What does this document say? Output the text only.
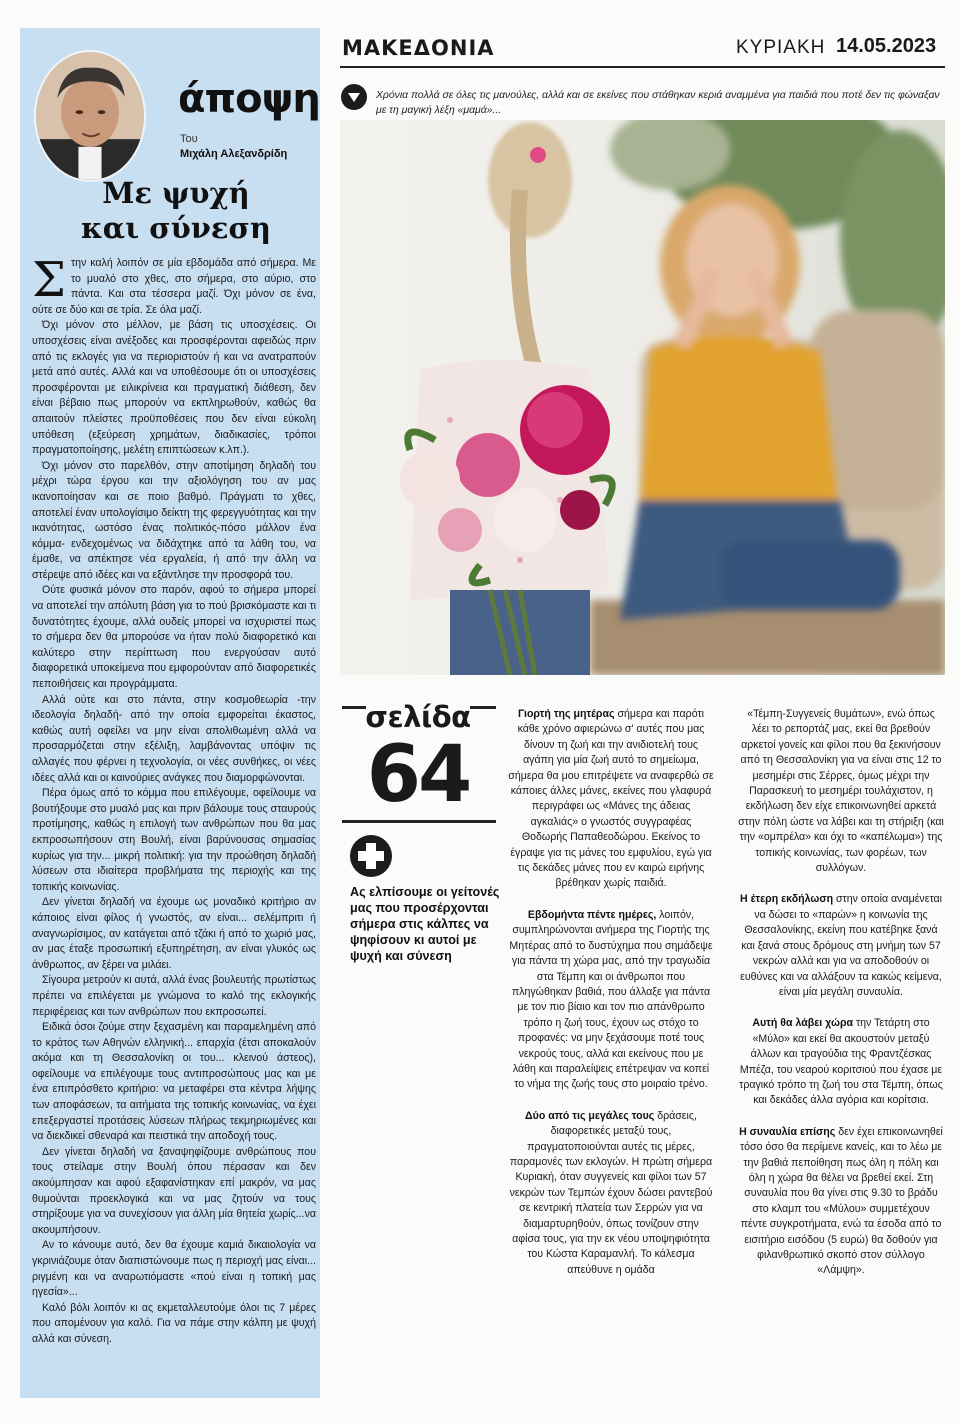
άποψη
Του
Μιχάλη Αλεξανδρίδη
Με ψυχή
και σύνεση

Στην καλή λοιπόν σε μία εβδομάδα από σήμερα. Με το μυαλό στο χθες, στο σήμερα, στο αύριο, στο πάντα. Και στα τέσσερα μαζί. Όχι μόνον σε ένα, ούτε σε δύο και σε τρία. Σε όλα μαζί.

Όχι μόνον στο μέλλον, με βάση τις υποσχέσεις. Οι υποσχέσεις είναι ανέξοδες και προσφέρονται αφειδώς πριν από τις εκλογές για να περιοριστούν ή και να ανατραπούν μετά από αυτές. Αλλά και να υποθέσουμε ότι οι υποσχέσεις προσφέρονται με ειλικρίνεια και πραγματική διάθεση, δεν είναι βέβαιο πως μπορούν να εκπληρωθούν, καθώς θα απαιτούν πλείστες προϋποθέσεις που δεν είναι εύκολη υπόθεση (εξεύρεση χρημάτων, διαδικασίες, τρόποι πραγματοποίησης, μελέτη επιπτώσεων κ.λπ.).

Όχι μόνον στο παρελθόν, στην αποτίμηση δηλαδή του μέχρι τώρα έργου και την αξιολόγηση του αν μας ικανοποίησαν και σε ποιο βαθμό. Πράγματι το χθες, αποτελεί έναν υπολογίσιμο δείκτη της φερεγγυότητας και την ικανότητας, ωστόσο ένας πολιτικός-πόσο μάλλον ένα κόμμα- ενδεχομένως να διδάχτηκε από τα λάθη του, να έμαθε, να απέκτησε νέα εργαλεία, ή από την άλλη να στέρεψε από ιδέες και να εξάντλησε την προσφορά του.

Ούτε φυσικά μόνον στο παρόν, αφού το σήμερα μπορεί να αποτελεί την απόλυτη βάση για το πού βρισκόμαστε και τι δυνατότητες έχουμε, αλλά ουδείς μπορεί να ισχυριστεί πως το σήμερα δεν θα μπορούσε να ήταν πολύ διαφορετικό και καλύτερο στην περίπτωση που ενεργούσαν αυτό διαφορετικά υποκείμενα που εμφορούνταν από διαφορετικές πεποιθήσεις και προγράμματα.

Αλλά ούτε και στο πάντα, στην κοσμοθεωρία -την ιδεολογία δηλαδή- από την οποία εμφορείται έκαστος, καθώς αυτή οφείλει να μην είναι απολιθωμένη αλλά να προσαρμόζεται στην εξέλιξη, λαμβάνοντας υπόψιν τις αλλαγές που φέρνει η τεχνολογία, οι νέες συνθήκες, οι νέες ιδέες αλλά και οι καινούριες ανάγκες που διαμορφώνονται.

Πέρα όμως από το κόμμα που επιλέγουμε, οφείλουμε να βουτήξουμε στο μυαλό μας και πριν βάλουμε τους σταυρούς προτίμησης, καθώς η επιλογή των ανθρώπων που θα μας εκπροσωπήσουν στη Βουλή, είναι βαρύνουσας σημασίας κυρίως για την... μικρή πολιτική: για την προώθηση δηλαδή λύσεων στα ιδιαίτερα προβλήματα της περιοχής και της τοπικής κοινωνίας.

Δεν γίνεται δηλαδή να έχουμε ως μοναδικό κριτήριο αν κάποιος είναι φίλος ή γνωστός, αν είναι... σελέμπριτι ή αναγνωρίσιμος, αν κατάγεται από τζάκι ή από το χωριό μας, αν μας έταξε προσωπική εξυπηρέτηση, αν είναι γλυκός ως άνθρωπος, αν ξέρει να μιλάει.

Σίγουρα μετρούν κι αυτά, αλλά ένας βουλευτής πρωτίστως πρέπει να επιλέγεται με γνώμονα το καλό της εκλογικής περιφέρειας και των ανθρώπων που εκπροσωπεί.

Ειδικά όσοι ζούμε στην ξεχασμένη και παραμελημένη από το κράτος των Αθηνών ελληνική... επαρχία (έτσι αποκαλούν ακόμα και τη Θεσσαλονίκη οι του... κλεινού άστεος), οφείλουμε να επιλέγουμε τους αντιπροσώπους μας και με ένα επιπρόσθετο κριτήριο: να μεταφέρει στα κέντρα λήψης των αποφάσεων, τα αιτήματα της τοπικής κοινωνίας, να έχει επεξεργαστεί προτάσεις λύσεων πλήρως τεκμηριωμένες και να διεκδικεί σθεναρά και πειστικά την αποδοχή τους.

Δεν γίνεται δηλαδή να ξαναψηφίζουμε ανθρώπους που τους στείλαμε στην Βουλή όπου πέρασαν και δεν ακούμπησαν και αφού εξαφανίστηκαν επί μακρόν, να μας θυμούνται προεκλογικά και να μας ζητούν να τους στηρίξουμε για να συνεχίσουν για άλλη μία θητεία χωρίς...να ακουμπήσουν.

Αν το κάνουμε αυτό, δεν θα έχουμε καμιά δικαιολογία να γκρινιάζουμε όταν διαπιστώνουμε πως η περιοχή μας είναι... ριγμένη και να αναρωτιόμαστε «πού είναι η τοπική μας ηγεσία»...

Καλό βόλι λοιπόν κι ας εκμεταλλευτούμε όλοι τις 7 μέρες που απομένουν για καλό. Για να πάμε στην κάλπη με ψυχή αλλά και σύνεση.

ΜΑΚΕΔΟΝΙΑ	ΚΥΡΙΑΚΗ 14.05.2023
Χρόνια πολλά σε όλες τις μανούλες, αλλά και σε εκείνες που στάθηκαν κεριά αναμμένα για παιδιά που ποτέ δεν τις φώναξαν με τη μαγική λέξη «μαμά»...
σελίδα
64
Ας ελπίσουμε οι γείτονές μας που προσέρχονται σήμερα στις κάλπες να ψηφίσουν κι αυτοί με ψυχή και σύνεση

Γιορτή της μητέρας σήμερα και παρότι κάθε χρόνο αφιερώνω σ' αυτές που μας δίνουν τη ζωή και την ανιδιοτελή τους αγάπη για μία ζωή αυτό το σημείωμα, σήμερα θα μου επιτρέψετε να αναφερθώ σε κάποιες άλλες μάνες, εκείνες που γλαφυρά περιγράφει ως «Μάνες της άδειας αγκαλιάς» ο γνωστός συγγραφέας Θοδωρής Παπαθεοδώρου. Εκείνος το έγραψε για τις μάνες του εμφυλίου, εγώ για τις δεκάδες μάνες που εν καιρώ ειρήνης βρέθηκαν χωρίς παιδιά.

Εβδομήντα πέντε ημέρες, λοιπόν, συμπληρώνονται ανήμερα της Γιορτής της Μητέρας από το δυστύχημα που σημάδεψε για πάντα τη χώρα μας, από την τραγωδία στα Τέμπη και οι άνθρωποι που πληγώθηκαν βαθιά, που άλλαξε για πάντα με τον πιο βίαιο και τον πιο απάνθρωπο τρόπο η ζωή τους, έχουν ως στόχο το προφανές: να μην ξεχάσουμε ποτέ τους νεκρούς τους, αλλά και εκείνους που με λάθη και παραλείψεις επέτρεψαν να κοπεί το νήμα της ζωής τους στο μοιραίο τρένο.

Δύο από τις μεγάλες τους δράσεις, διαφορετικές μεταξύ τους, πραγματοποιούνται αυτές τις μέρες, παραμονές των εκλογών. Η πρώτη σήμερα Κυριακή, όταν συγγενείς και φίλοι των 57 νεκρών των Τεμπών έχουν δώσει ραντεβού σε κεντρική πλατεία των Σερρών για να διαμαρτυρηθούν, όπως τονίζουν στην αφίσα τους, για την εκ νέου υποψηφιότητα του Κώστα Καραμανλή. Το κάλεσμα απεύθυνε η ομάδα

«Τέμπη-Συγγενείς θυμάτων», ενώ όπως λέει το ρεπορτάζ μας, εκεί θα βρεθούν αρκετοί γονείς και φίλοι που θα ξεκινήσουν από τη Θεσσαλονίκη για να είναι στις 12 το μεσημέρι στις Σέρρες, όμως μέχρι την Παρασκευή το μεσημέρι τουλάχιστον, η εκδήλωση δεν είχε επικοινωνηθεί αρκετά στην πόλη ώστε να λάβει και τη στήριξη (και την «ομπρέλα» και όχι το «καπέλωμα») της τοπικής κοινωνίας, των φορέων, των συλλόγων.

Η έτερη εκδήλωση στην οποία αναμένεται να δώσει το «παρών» η κοινωνία της Θεσσαλονίκης, εκείνη που κατέβηκε ξανά και ξανά στους δρόμους στη μνήμη των 57 νεκρών αλλά και για να αποδοθούν οι ευθύνες και να αλλάξουν τα κακώς κείμενα, είναι μία μεγάλη συναυλία.

Αυτή θα λάβει χώρα την Τετάρτη στο «Μύλο» και εκεί θα ακουστούν μεταξύ άλλων και τραγούδια της Φραντζέσκας Μπέζα, του νεαρού κοριτσιού που έχασε με τραγικό τρόπο τη ζωή του στα Τέμπη, όπως και δεκάδες άλλα αγόρια και κορίτσια.

Η συναυλία επίσης δεν έχει επικοινωνηθεί τόσο όσο θα περίμενε κανείς, και το λέω με την βαθιά πεποίθηση πως όλη η πόλη και όλη η χώρα θα θέλει να βρεθεί εκεί. Στη συναυλία που θα γίνει στις 9.30 το βράδυ στο κλαμπ του «Μύλου» συμμετέχουν πέντε συγκροτήματα, ενώ τα έσοδα από το εισιτήριο εισόδου (5 ευρώ) θα δοθούν για φιλανθρωπικό σκοπό στον σύλλογο «Λάμψη».
